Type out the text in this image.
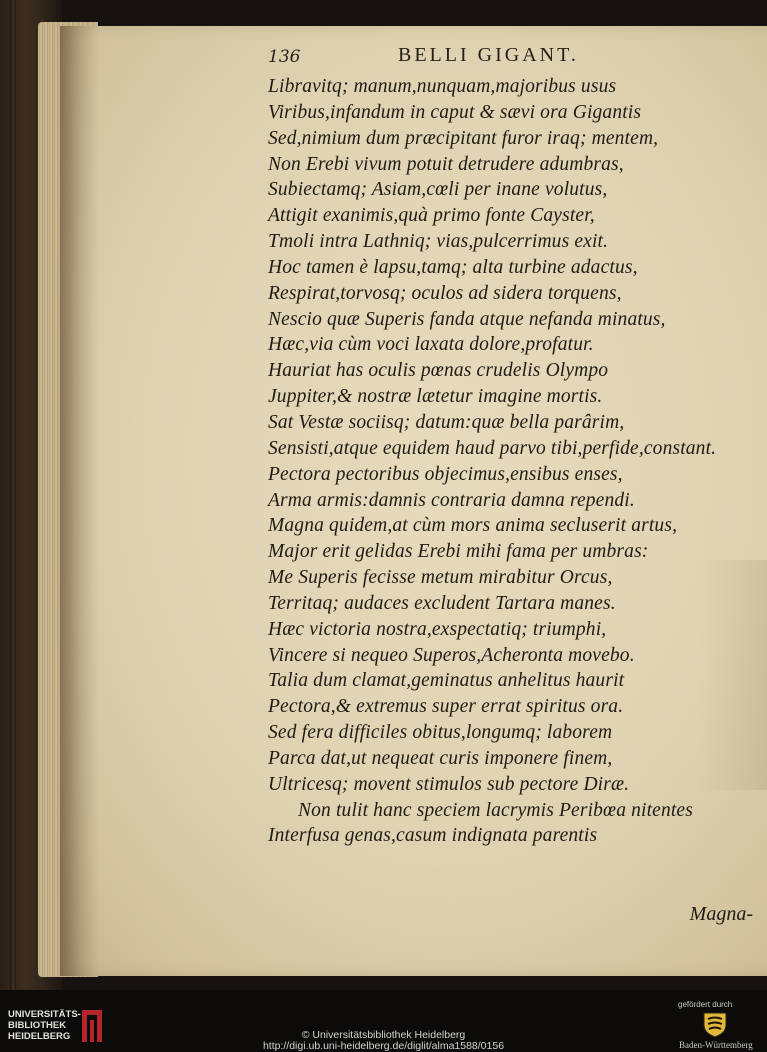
136	BELLI GIGANT.
Libravitq; manum,nunquam,majoribus usus
Viribus,infandum in caput & sævi ora Gigantis
Sed,nimium dum præcipitant furor iraq; mentem,
Non Erebi vivum potuit detrudere adumbras,
Subiectamq; Asiam,cœli per inane volutus,
Attigit exanimis,quà primo fonte Cayster,
Tmoli intra Lathniq; vias,pulcerrimus exit.
Hoc tamen è lapsu,tamq; alta turbine adactus,
Respirat,torvosq; oculos ad sidera torquens,
Nescio quæ Superis fanda atque nefanda minatus,
Hæc,via cùm voci laxata dolore,profatur.
Hauriat has oculis pœnas crudelis Olympo
Juppiter,& nostræ lætetur imagine mortis.
Sat Vestæ sociisq; datum:quæ bella parârim,
Sensisti,atque equidem haud parvo tibi,perfide,constant.
Pectora pectoribus objecimus,ensibus enses,
Arma armis:damnis contraria damna rependi.
Magna quidem,at cùm mors anima secluserit artus,
Major erit gelidas Erebi mihi fama per umbras:
Me Superis fecisse metum mirabitur Orcus,
Territaq; audaces excludent Tartara manes.
Hæc victoria nostra,exspectatiq; triumphi,
Vincere si nequeo Superos,Acheronta movebo.
Talia dum clamat,geminatus anhelitus haurit
Pectora,& extremus super errat spiritus ora.
Sed fera difficiles obitus,longumq; laborem
Parca dat,ut nequeat curis imponere finem,
Ultricesq; movent stimulos sub pectore Diræ.
Non tulit hanc speciem lacrymis Peribœa nitentes
Interfusa genas,casum indignata parentis
Magna-
UNIVERSITÄTS-
BIBLIOTHEK
HEIDELBERG	© Universitätsbibliothek Heidelberg
http://digi.ub.uni-heidelberg.de/diglit/alma1588/0156
gefördert durch
Baden-Württemberg
